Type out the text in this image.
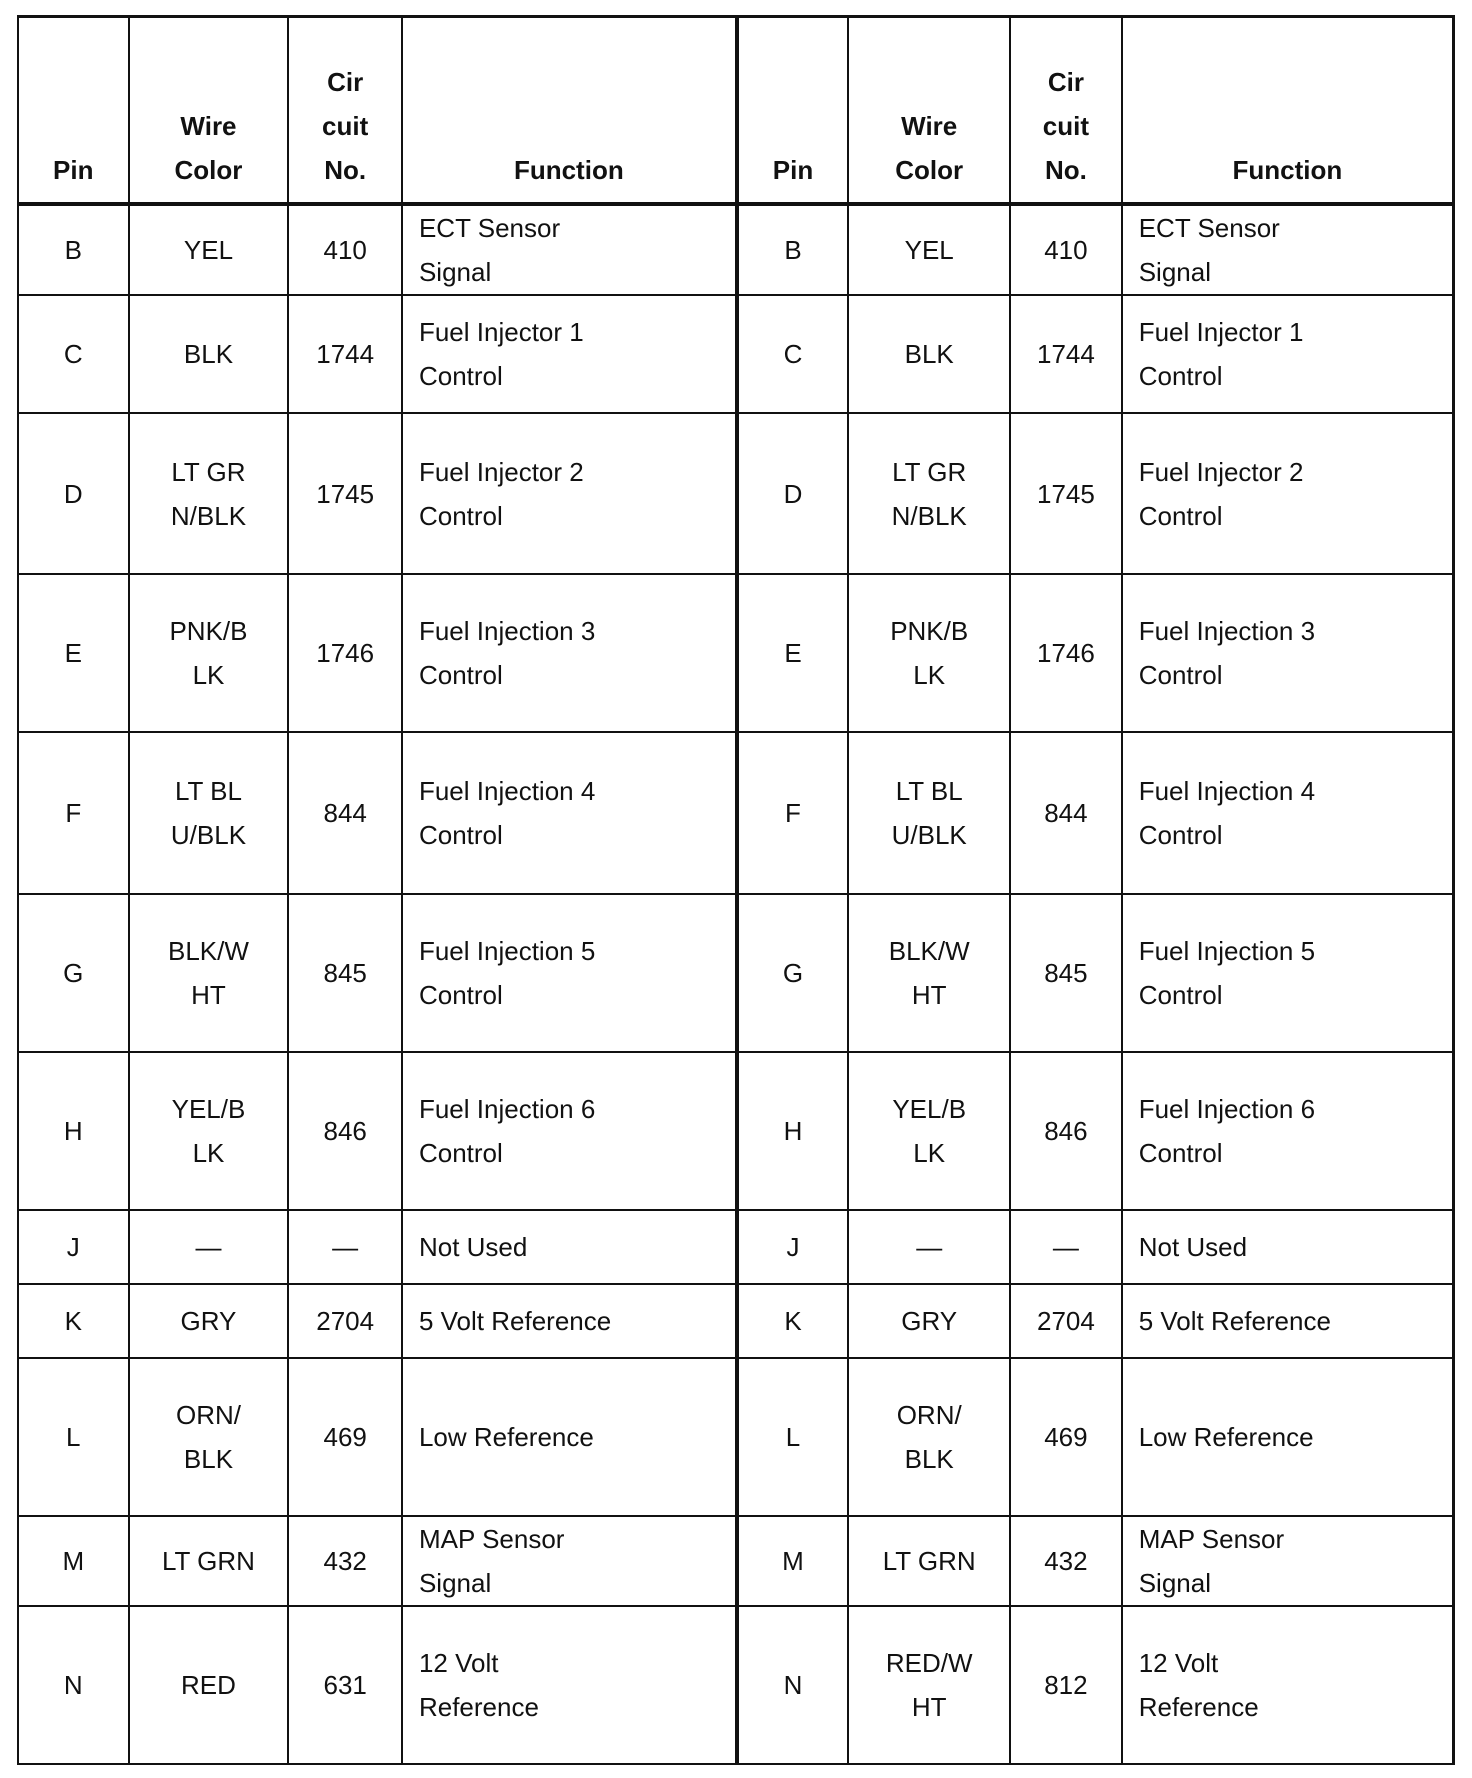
Pin	Wire Color	Cir cuit No.	Function	Pin	Wire Color	Cir cuit No.	Function
B	YEL	410	ECT Sensor Signal	B	YEL	410	ECT Sensor Signal
C	BLK	1744	Fuel Injector 1 Control	C	BLK	1744	Fuel Injector 1 Control
D	LT GRN/BLK	1745	Fuel Injector 2 Control	D	LT GRN/BLK	1745	Fuel Injector 2 Control
E	PNK/BLK	1746	Fuel Injection 3 Control	E	PNK/BLK	1746	Fuel Injection 3 Control
F	LT BLU/BLK	844	Fuel Injection 4 Control	F	LT BLU/BLK	844	Fuel Injection 4 Control
G	BLK/WHT	845	Fuel Injection 5 Control	G	BLK/WHT	845	Fuel Injection 5 Control
H	YEL/BLK	846	Fuel Injection 6 Control	H	YEL/BLK	846	Fuel Injection 6 Control
J	—	—	Not Used	J	—	—	Not Used
K	GRY	2704	5 Volt Reference	K	GRY	2704	5 Volt Reference
L	ORN/BLK	469	Low Reference	L	ORN/BLK	469	Low Reference
M	LT GRN	432	MAP Sensor Signal	M	LT GRN	432	MAP Sensor Signal
N	RED	631	12 Volt Reference	N	RED/WHT	812	12 Volt Reference
